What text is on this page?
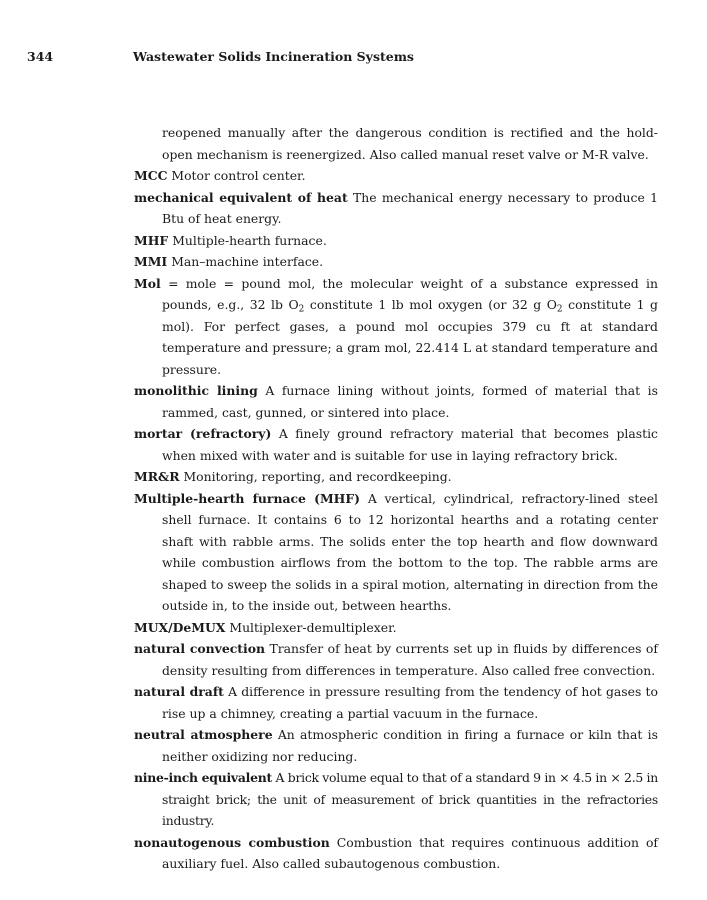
344	Wastewater Solids Incineration Systems

reopened manually after the dangerous condition is rectified and the hold-open mechanism is reenergized. Also called manual reset valve or M-R valve.

MCC Motor control center.

mechanical equivalent of heat The mechanical energy necessary to produce 1 Btu of heat energy.

MHF Multiple-hearth furnace.

MMI Man–machine interface.

Mol = mole = pound mol, the molecular weight of a substance expressed in pounds, e.g., 32 lb $O_2$ constitute 1 lb mol oxygen (or 32 g $O_2$ constitute 1 g mol). For perfect gases, a pound mol occupies 379 cu ft at standard temperature and pressure; a gram mol, 22.414 L at standard temperature and pressure.

monolithic lining A furnace lining without joints, formed of material that is rammed, cast, gunned, or sintered into place.

mortar (refractory) A finely ground refractory material that becomes plastic when mixed with water and is suitable for use in laying refractory brick.

MR&R Monitoring, reporting, and recordkeeping.

Multiple-hearth furnace (MHF) A vertical, cylindrical, refractory-lined steel shell furnace. It contains 6 to 12 horizontal hearths and a rotating center shaft with rabble arms. The solids enter the top hearth and flow downward while combustion airflows from the bottom to the top. The rabble arms are shaped to sweep the solids in a spiral motion, alternating in direction from the outside in, to the inside out, between hearths.

MUX/DeMUX Multiplexer-demultiplexer.

natural convection Transfer of heat by currents set up in fluids by differences of density resulting from differences in temperature. Also called free convection.

natural draft A difference in pressure resulting from the tendency of hot gases to rise up a chimney, creating a partial vacuum in the furnace.

neutral atmosphere An atmospheric condition in firing a furnace or kiln that is neither oxidizing nor reducing.

nine-inch equivalent A brick volume equal to that of a standard 9 in × 4.5 in × 2.5 in straight brick; the unit of measurement of brick quantities in the refractories industry.

nonautogenous combustion Combustion that requires continuous addition of auxiliary fuel. Also called subautogenous combustion.
